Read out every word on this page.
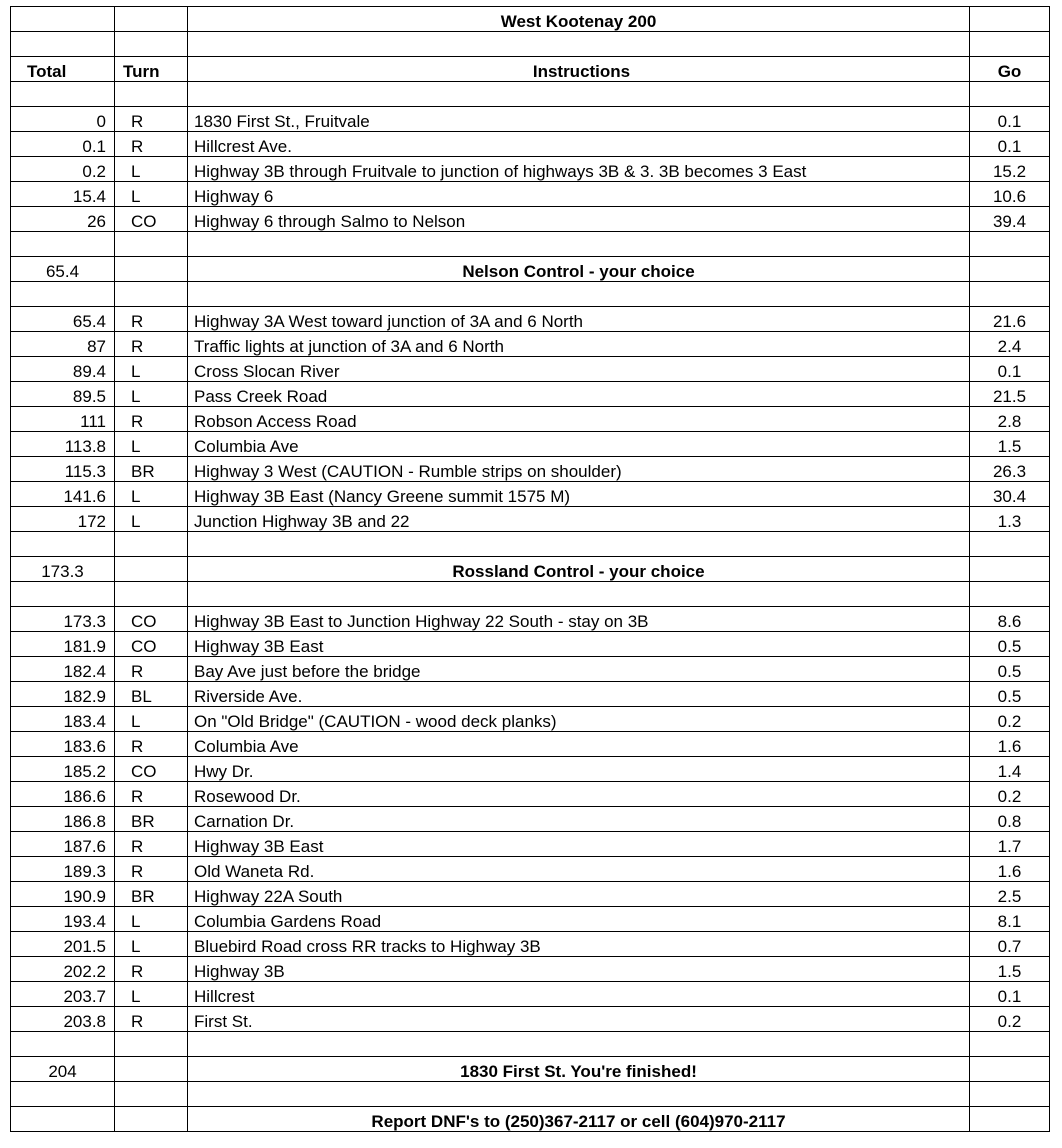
		West Kootenay 200	

Total	Turn	Instructions	Go

0	R	1830 First St., Fruitvale	0.1
0.1	R	Hillcrest Ave.	0.1
0.2	L	Highway 3B through Fruitvale to junction of highways 3B & 3. 3B becomes 3 East	15.2
15.4	L	Highway 6	10.6
26	CO	Highway 6 through Salmo to Nelson	39.4

65.4		Nelson Control - your choice	

65.4	R	Highway 3A West toward junction of 3A and 6 North	21.6
87	R	Traffic lights at junction of 3A and 6 North	2.4
89.4	L	Cross Slocan River	0.1
89.5	L	Pass Creek Road	21.5
111	R	Robson Access Road	2.8
113.8	L	Columbia Ave	1.5
115.3	BR	Highway 3 West (CAUTION - Rumble strips on shoulder)	26.3
141.6	L	Highway 3B East (Nancy Greene summit 1575 M)	30.4
172	L	Junction Highway 3B and 22	1.3

173.3		Rossland Control - your choice	

173.3	CO	Highway 3B East to Junction Highway 22 South - stay on 3B	8.6
181.9	CO	Highway 3B East	0.5
182.4	R	Bay Ave just before the bridge	0.5
182.9	BL	Riverside Ave.	0.5
183.4	L	On "Old Bridge" (CAUTION - wood deck planks)	0.2
183.6	R	Columbia Ave	1.6
185.2	CO	Hwy Dr.	1.4
186.6	R	Rosewood Dr.	0.2
186.8	BR	Carnation Dr.	0.8
187.6	R	Highway 3B East	1.7
189.3	R	Old Waneta Rd.	1.6
190.9	BR	Highway 22A South	2.5
193.4	L	Columbia Gardens Road	8.1
201.5	L	Bluebird Road cross RR tracks to Highway 3B	0.7
202.2	R	Highway 3B	1.5
203.7	L	Hillcrest	0.1
203.8	R	First St.	0.2

204		1830 First St. You're finished!	

		Report DNF's to (250)367-2117 or cell (604)970-2117	
